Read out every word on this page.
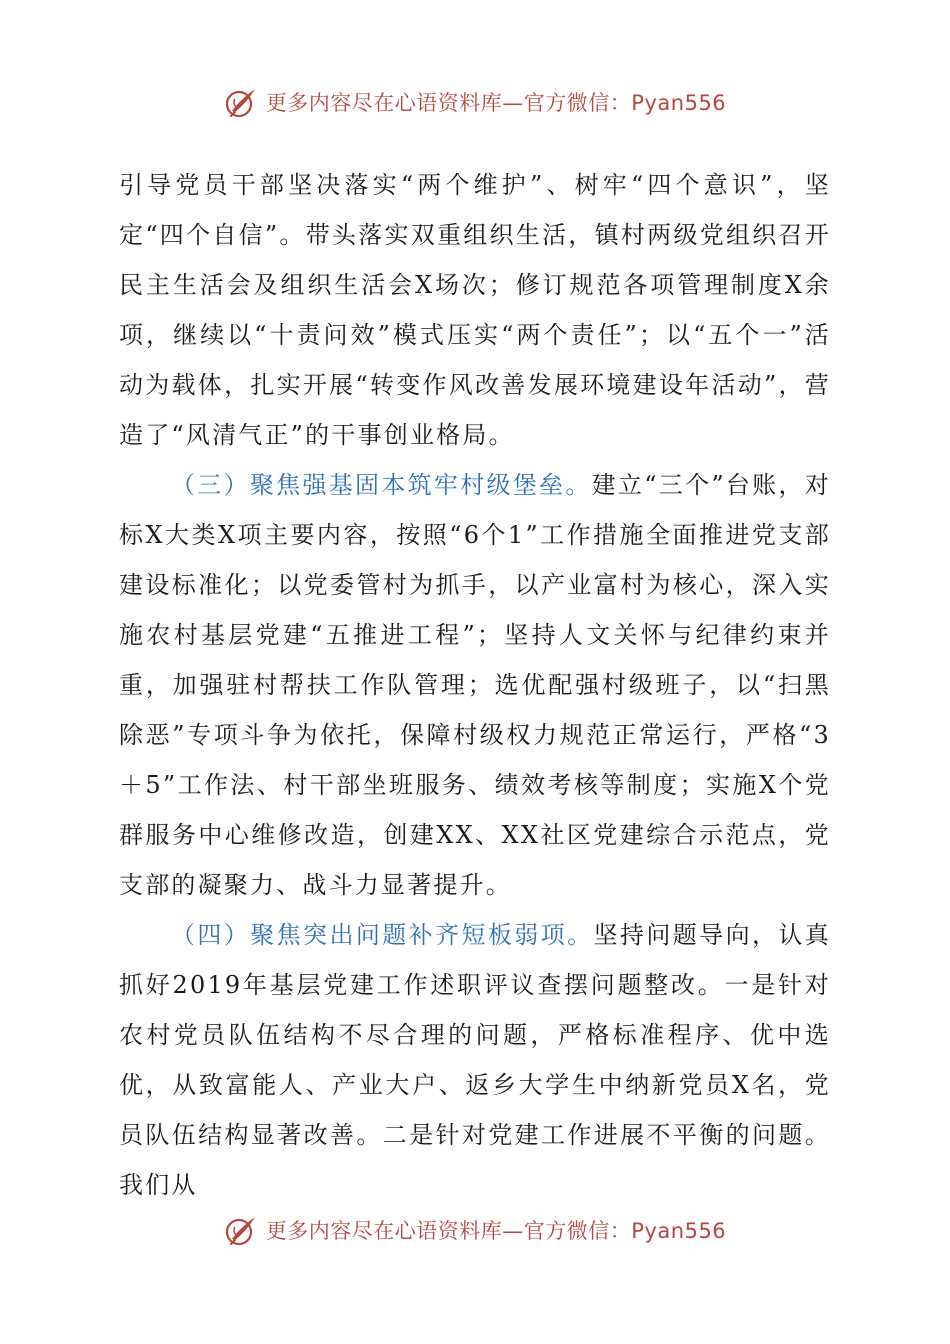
更多内容尽在心语资料库—官方微信：Pyan556

引导党员干部坚决落实“两个维护”、树牢“四个意识”，坚定“四个自信”。带头落实双重组织生活，镇村两级党组织召开民主生活会及组织生活会X场次；修订规范各项管理制度X余项，继续以“十责问效”模式压实“两个责任”；以“五个一”活动为载体，扎实开展“转变作风改善发展环境建设年活动”，营造了“风清气正”的干事创业格局。

（三）聚焦强基固本筑牢村级堡垒。建立“三个”台账，对标X大类X项主要内容，按照“6个1”工作措施全面推进党支部建设标准化；以党委管村为抓手，以产业富村为核心，深入实施农村基层党建“五推进工程”；坚持人文关怀与纪律约束并重，加强驻村帮扶工作队管理；选优配强村级班子，以“扫黑除恶”专项斗争为依托，保障村级权力规范正常运行，严格“3＋5”工作法、村干部坐班服务、绩效考核等制度；实施X个党群服务中心维修改造，创建XX、XX社区党建综合示范点，党支部的凝聚力、战斗力显著提升。

（四）聚焦突出问题补齐短板弱项。坚持问题导向，认真抓好2019年基层党建工作述职评议查摆问题整改。一是针对农村党员队伍结构不尽合理的问题，严格标准程序、优中选优，从致富能人、产业大户、返乡大学生中纳新党员X名，党员队伍结构显著改善。二是针对党建工作进展不平衡的问题。我们从

更多内容尽在心语资料库—官方微信：Pyan556
